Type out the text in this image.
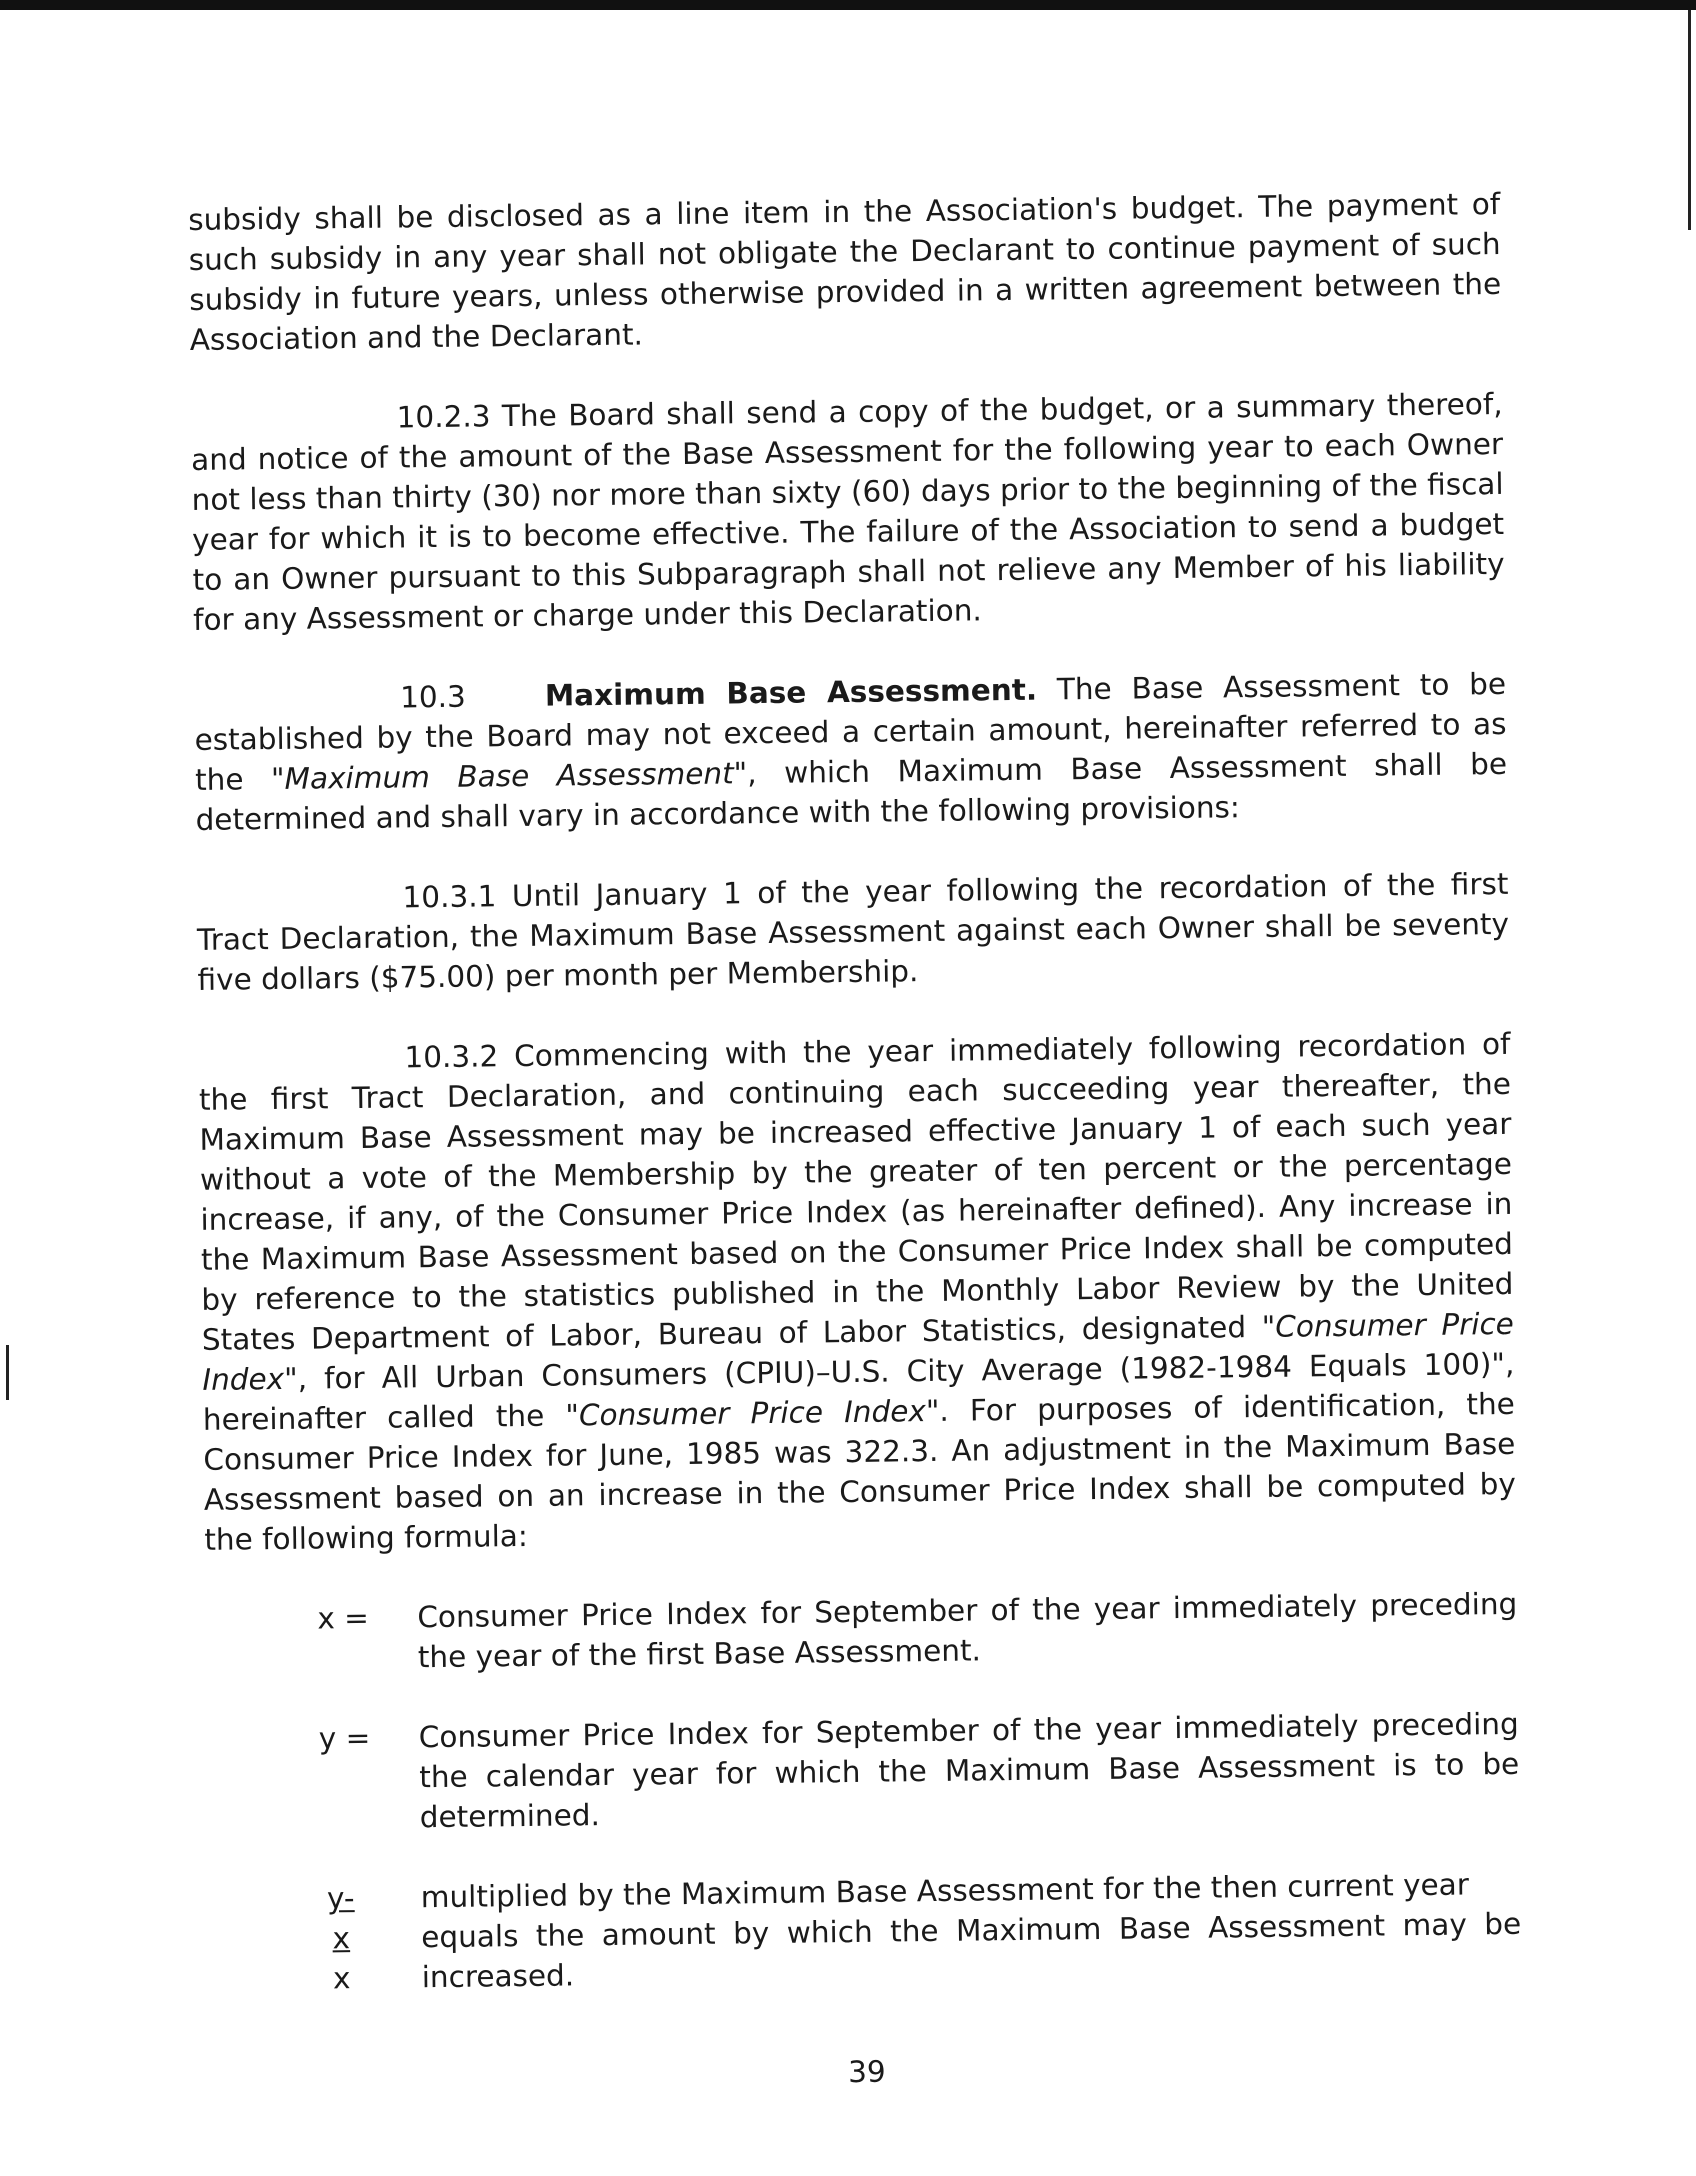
subsidy shall be disclosed as a line item in the Association's budget. The payment of such subsidy in any year shall not obligate the Declarant to continue payment of such subsidy in future years, unless otherwise provided in a written agreement between the Association and the Declarant.

10.2.3 The Board shall send a copy of the budget, or a summary thereof, and notice of the amount of the Base Assessment for the following year to each Owner not less than thirty (30) nor more than sixty (60) days prior to the beginning of the fiscal year for which it is to become effective. The failure of the Association to send a budget to an Owner pursuant to this Subparagraph shall not relieve any Member of his liability for any Assessment or charge under this Declaration.

10.3	Maximum Base Assessment. The Base Assessment to be established by the Board may not exceed a certain amount, hereinafter referred to as the "Maximum Base Assessment", which Maximum Base Assessment shall be determined and shall vary in accordance with the following provisions:

10.3.1 Until January 1 of the year following the recordation of the first Tract Declaration, the Maximum Base Assessment against each Owner shall be seventy five dollars ($75.00) per month per Membership.

10.3.2 Commencing with the year immediately following recordation of the first Tract Declaration, and continuing each succeeding year thereafter, the Maximum Base Assessment may be increased effective January 1 of each such year without a vote of the Membership by the greater of ten percent or the percentage increase, if any, of the Consumer Price Index (as hereinafter defined). Any increase in the Maximum Base Assessment based on the Consumer Price Index shall be computed by reference to the statistics published in the Monthly Labor Review by the United States Department of Labor, Bureau of Labor Statistics, designated "Consumer Price Index", for All Urban Consumers (CPIU)–U.S. City Average (1982-1984 Equals 100)", hereinafter called the "Consumer Price Index". For purposes of identification, the Consumer Price Index for June, 1985 was 322.3. An adjustment in the Maximum Base Assessment based on an increase in the Consumer Price Index shall be computed by the following formula:

x =	Consumer Price Index for September of the year immediately preceding the year of the first Base Assessment.
y =	Consumer Price Index for September of the year immediately preceding the calendar year for which the Maximum Base Assessment is to be determined.
$\frac{y-x}{x}$
multiplied by the Maximum Base Assessment for the then current year
equals the amount by which the Maximum Base Assessment may be increased.
39
